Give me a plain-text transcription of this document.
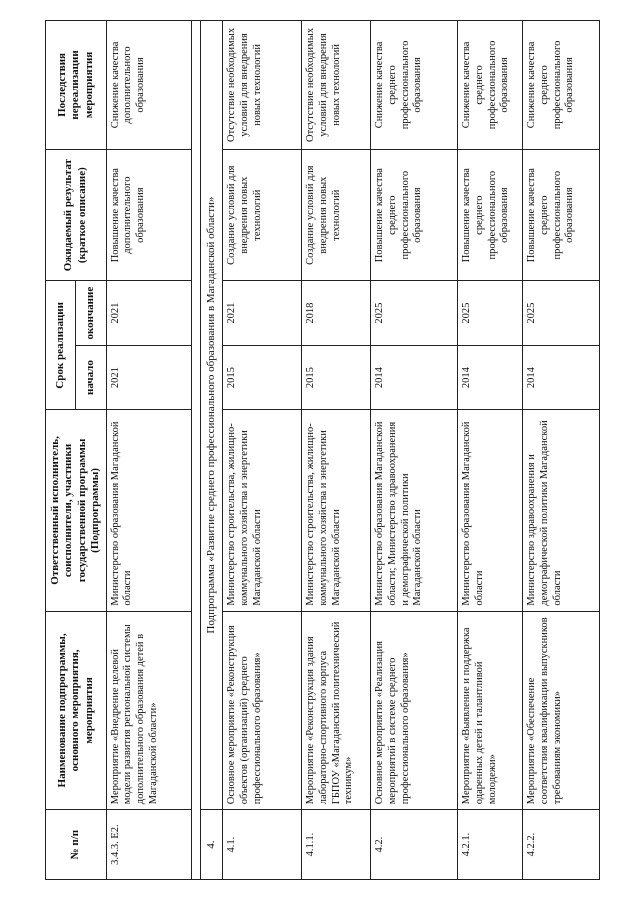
№ п/п	Наименование подпрограммы, основного мероприятия, мероприятия	Ответственный исполнитель, соисполнители, участники государственной программы (Подпрограммы)	Срок реализации		Ожидаемый результат (краткое описание)	Последствия нереализации мероприятия
			начало	окончание		
3.4.3. Е2.	Мероприятие «Внедрение целевой модели развития региональной системы дополнительного образования детей в Магаданской области»	Министерство образования Магаданской области	2021	2021	Повышение качества дополнительного образования	Снижение качества дополнительного образования

4.	Подпрограмма «Развитие среднего профессионального образования в Магаданской области»					
4.1.	Основное мероприятие «Реконструкция объектов (организаций) среднего профессионального образования»	Министерство строительства, жилищно-коммунального хозяйства и энергетики Магаданской области	2015	2021	Создание условий для внедрения новых технологий	Отсутствие необходимых условий для внедрения новых технологий
4.1.1.	Мероприятие «Реконструкция здания лабораторно-спортивного корпуса ГБПОУ «Магаданский политехнический техникум»	Министерство строительства, жилищно-коммунального хозяйства и энергетики Магаданской области	2015	2018	Создание условий для внедрения новых технологий	Отсутствие необходимых условий для внедрения новых технологий
4.2.	Основное мероприятие «Реализация мероприятий в системе среднего профессионального образования»	Министерство образования Магаданской области; Министерство здравоохранения и демографической политики Магаданской области	2014	2025	Повышение качества среднего профессионального образования	Снижение качества среднего профессионального образования
4.2.1.	Мероприятие «Выявление и поддержка одаренных детей и талантливой молодежи»	Министерство образования Магаданской области	2014	2025	Повышение качества среднего профессионального образования	Снижение качества среднего профессионального образования
4.2.2.	Мероприятие «Обеспечение соответствия квалификации выпускников требованиям экономики»	Министерство здравоохранения и демографической политики Магаданской области	2014	2025	Повышение качества среднего профессионального образования	Снижение качества среднего профессионального образования
